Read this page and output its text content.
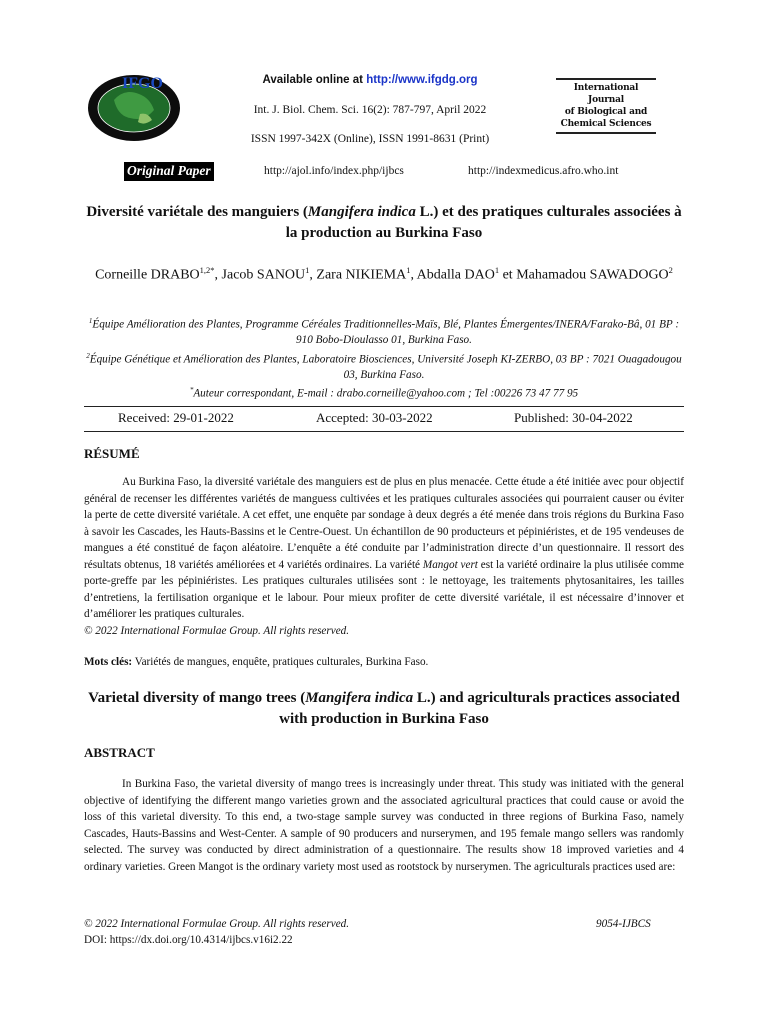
IFGO	Available online at http://www.ifgdg.org
Int. J. Biol. Chem. Sci. 16(2): 787-797, April 2022
ISSN 1997-342X (Online), ISSN 1991-8631 (Print)
International Journal
of Biological and
Chemical Sciences
Original Paper	http://ajol.info/index.php/ijbcs	http://indexmedicus.afro.who.int
Diversité variétale des manguiers (Mangifera indica L.) et des pratiques culturales associées à la production au Burkina Faso
Corneille $DRABO^{1,2*}$, Jacob SANOU$^1$, Zara NIKIEMA$^1$, Abdalla DAO$^1$ et Mahamadou SAWADOGO$^2$
$^1$Équipe Amélioration des Plantes, Programme Céréales Traditionnelles-Maïs, Blé, Plantes Émergentes/INERA/Farako-Bâ, 01 BP : 910 Bobo-Dioulasso 01, Burkina Faso.
$^2$Équipe Génétique et Amélioration des Plantes, Laboratoire Biosciences, Université Joseph KI-ZERBO, 03 BP : 7021 Ouagadougou 03, Burkina Faso.
*Auteur correspondant, E-mail : drabo.corneille@yahoo.com ; Tel :00226 73 47 77 95
Received: 29-01-2022	Accepted: 30-03-2022	Published: 30-04-2022
RÉSUMÉ
Au Burkina Faso, la diversité variétale des manguiers est de plus en plus menacée. Cette étude a été initiée avec pour objectif général de recenser les différentes variétés de manguess cultivées et les pratiques culturales associées qui pourraient causer ou éviter la perte de cette diversité variétale. A cet effet, une enquête par sondage à deux degrés a été menée dans trois régions du Burkina Faso à savoir les Cascades, les Hauts-Bassins et le Centre-Ouest. Un échantillon de 90 producteurs et pépiniéristes, et de 195 vendeuses de mangues a été constitué de façon aléatoire. L’enquête a été conduite par l’administration directe d’un questionnaire. Il ressort des résultats obtenus, 18 variétés améliorées et 4 variétés ordinaires. La variété Mangot vert est la variété ordinaire la plus utilisée comme porte-greffe par les pépiniéristes. Les pratiques culturales utilisées sont : le nettoyage, les traitements phytosanitaires, les tailles d’entretiens, la fertilisation organique et le labour. Pour mieux profiter de cette diversité variétale, il est nécessaire d’innover et d’améliorer les pratiques culturales.
© 2022 International Formulae Group. All rights reserved.
Mots clés: Variétés de mangues, enquête, pratiques culturales, Burkina Faso.
Varietal diversity of mango trees (Mangifera indica L.) and agriculturals practices associated with production in Burkina Faso
ABSTRACT
In Burkina Faso, the varietal diversity of mango trees is increasingly under threat. This study was initiated with the general objective of identifying the different mango varieties grown and the associated agricultural practices that could cause or avoid the loss of this varietal diversity. To this end, a two-stage sample survey was conducted in three regions of Burkina Faso, namely Cascades, Hauts-Bassins and West-Center. A sample of 90 producers and nurserymen, and 195 female mango sellers was randomly selected. The survey was conducted by direct administration of a questionnaire. The results show 18 improved varieties and 4 ordinary varieties. Green Mangot is the ordinary variety most used as rootstock by nurserymen. The agriculturals practices used are:
© 2022 International Formulae Group. All rights reserved.
DOI: https://dx.doi.org/10.4314/ijbcs.v16i2.22
9054-IJBCS
